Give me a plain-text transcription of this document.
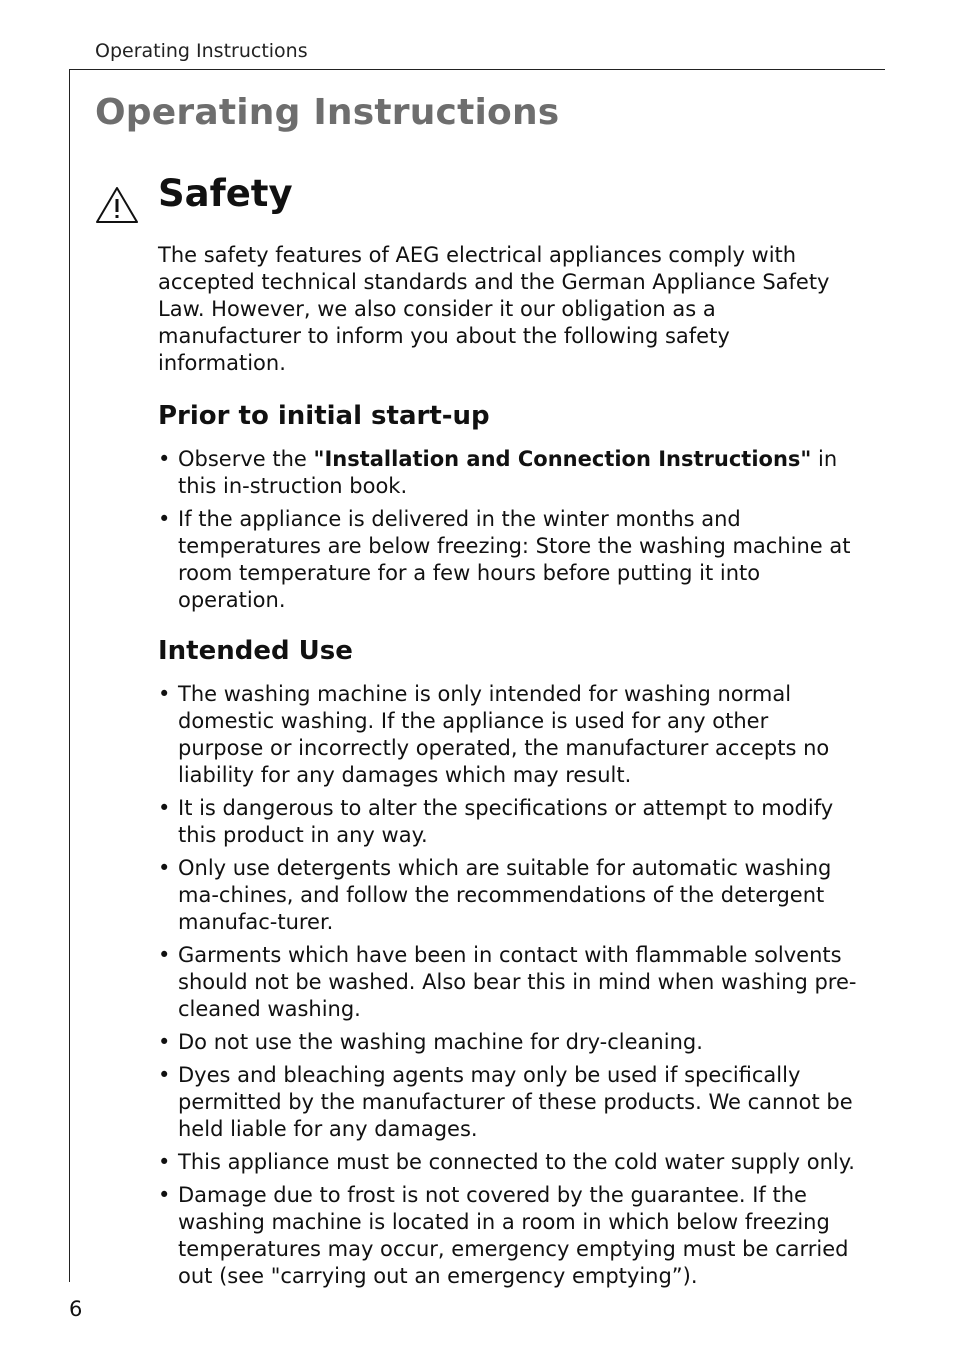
Operating Instructions
Operating Instructions
Safety

The safety features of AEG electrical appliances comply with accepted technical standards and the German Appliance Safety Law. However, we also consider it our obligation as a manufacturer to inform you about the following safety information.

Prior to initial start-up
• Observe the "Installation and Connection Instructions" in this in-struction book.
• If the appliance is delivered in the winter months and temperatures are below freezing: Store the washing machine at room temperature for a few hours before putting it into operation.
Intended Use
• The washing machine is only intended for washing normal domestic washing. If the appliance is used for any other purpose or incorrectly operated, the manufacturer accepts no liability for any damages which may result.
• It is dangerous to alter the specifications or attempt to modify this product in any way.
• Only use detergents which are suitable for automatic washing ma-chines, and follow the recommendations of the detergent manufac-turer.
• Garments which have been in contact with flammable solvents should not be washed. Also bear this in mind when washing pre-cleaned washing.
• Do not use the washing machine for dry-cleaning.
• Dyes and bleaching agents may only be used if specifically permitted by the manufacturer of these products. We cannot be held liable for any damages.
• This appliance must be connected to the cold water supply only.
• Damage due to frost is not covered by the guarantee. If the washing machine is located in a room in which below freezing temperatures may occur, emergency emptying must be carried out (see "carrying out an emergency emptying”).
6
